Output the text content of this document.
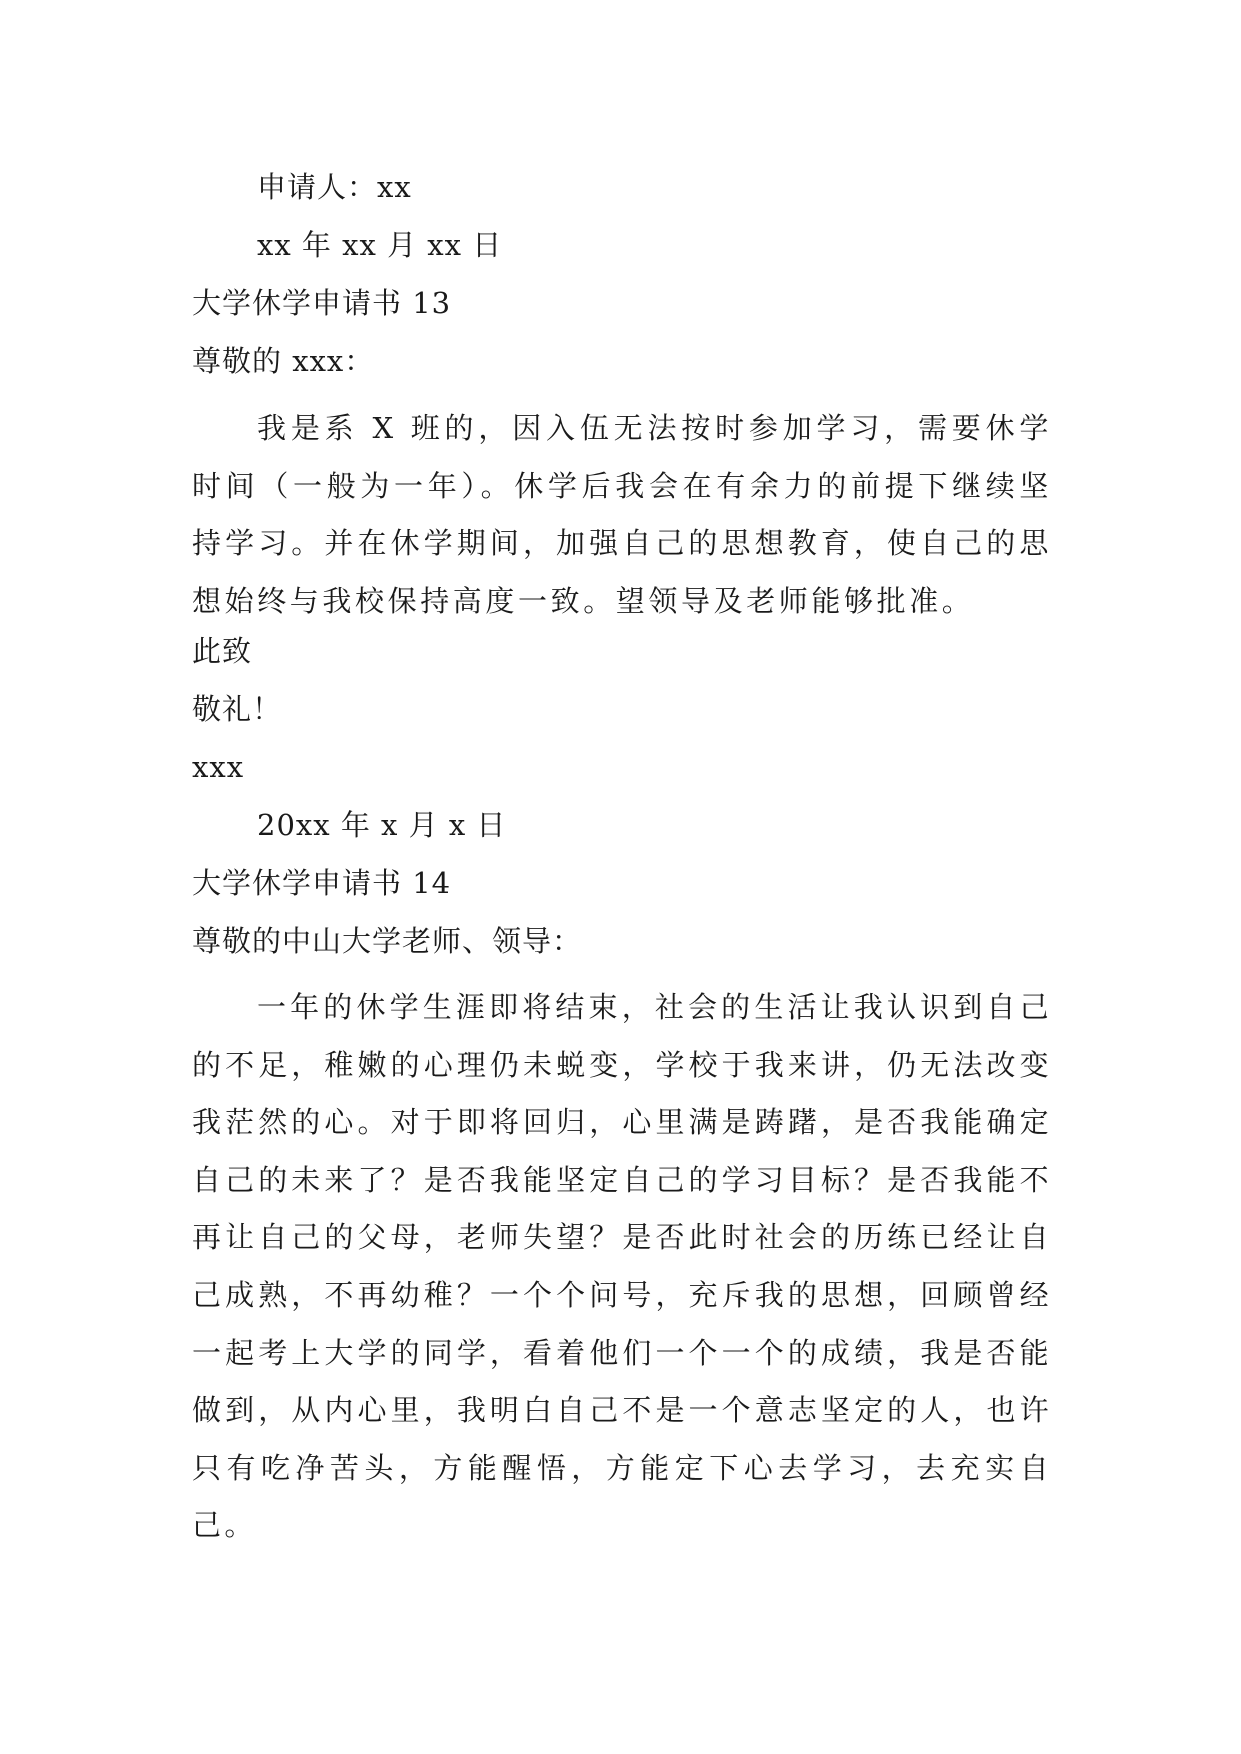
申请人：xx
xx 年 xx 月 xx 日
大学休学申请书 13
尊敬的 xxx：
我是系 X 班的，因入伍无法按时参加学习，需要休学时间（一般为一年）。休学后我会在有余力的前提下继续坚持学习。并在休学期间，加强自己的思想教育，使自己的思想始终与我校保持高度一致。望领导及老师能够批准。
此致
敬礼！
xxx
20xx 年 x 月 x 日
大学休学申请书 14
尊敬的中山大学老师、领导：
一年的休学生涯即将结束，社会的生活让我认识到自己的不足，稚嫩的心理仍未蜕变，学校于我来讲，仍无法改变我茫然的心。对于即将回归，心里满是踌躇，是否我能确定自己的未来了？是否我能坚定自己的学习目标？是否我能不再让自己的父母，老师失望？是否此时社会的历练已经让自己成熟，不再幼稚？一个个问号，充斥我的思想，回顾曾经一起考上大学的同学，看着他们一个一个的成绩，我是否能做到，从内心里，我明白自己不是一个意志坚定的人，也许只有吃净苦头，方能醒悟，方能定下心去学习，去充实自己。
